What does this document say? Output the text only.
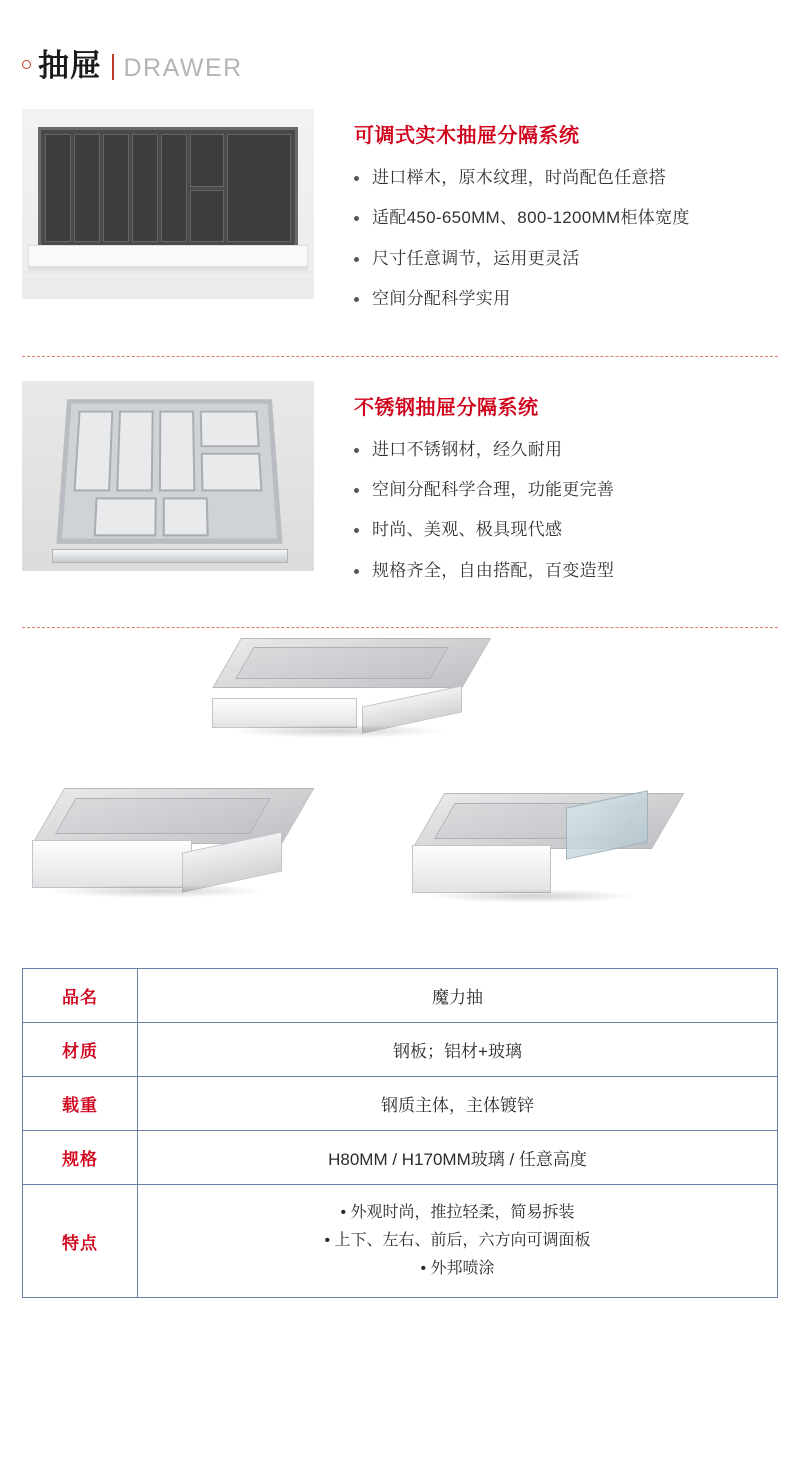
抽屉 DRAWER
可调式实木抽屉分隔系统
进口榉木，原木纹理，时尚配色任意搭
适配450-650MM、800-1200MM柜体宽度
尺寸任意调节，运用更灵活
空间分配科学实用
不锈钢抽屉分隔系统
进口不锈钢材，经久耐用
空间分配科学合理，功能更完善
时尚、美观、极具现代感
规格齐全，自由搭配，百变造型
品名	魔力抽
材质	钢板；铝材+玻璃
载重	钢质主体，主体镀锌
规格	H80MM / H170MM玻璃 / 任意高度
特点	• 外观时尚，推拉轻柔，简易拆装
• 上下、左右、前后，六方向可调面板
• 外邦喷涂
